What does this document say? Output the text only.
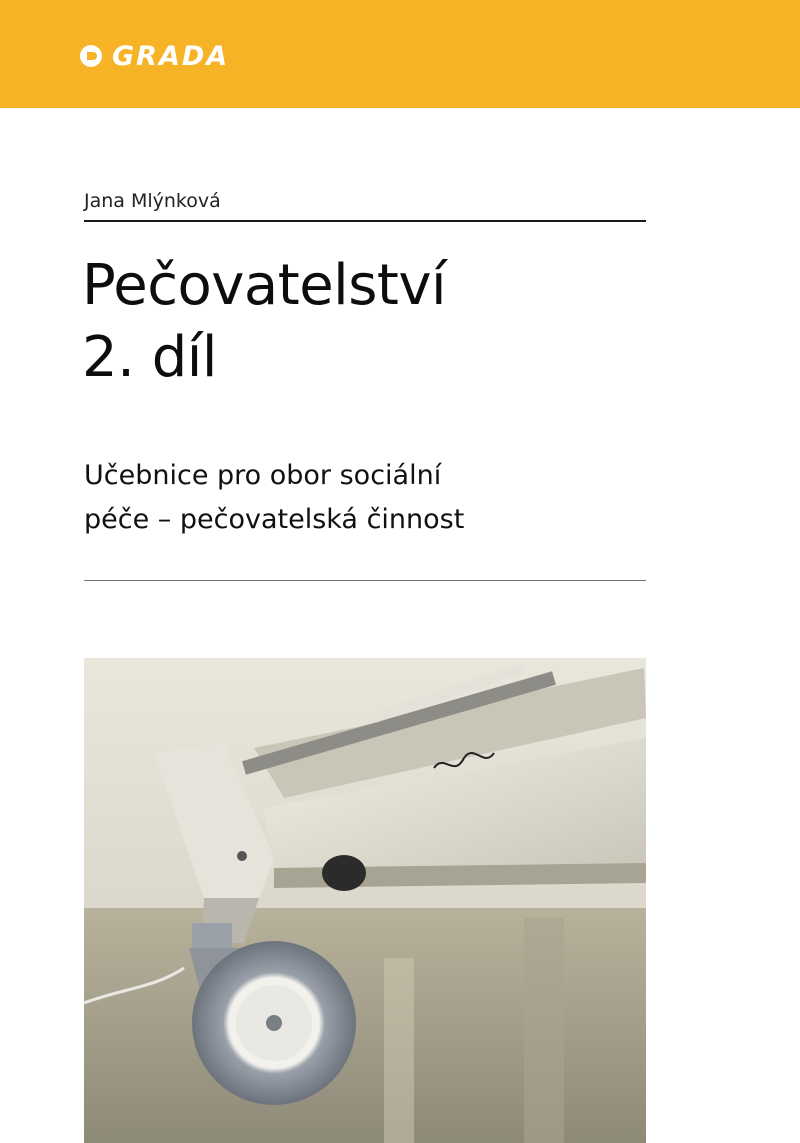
GRADA
Jana Mlýnková
Pečovatelství
2. díl
Učebnice pro obor sociální
péče – pečovatelská činnost
